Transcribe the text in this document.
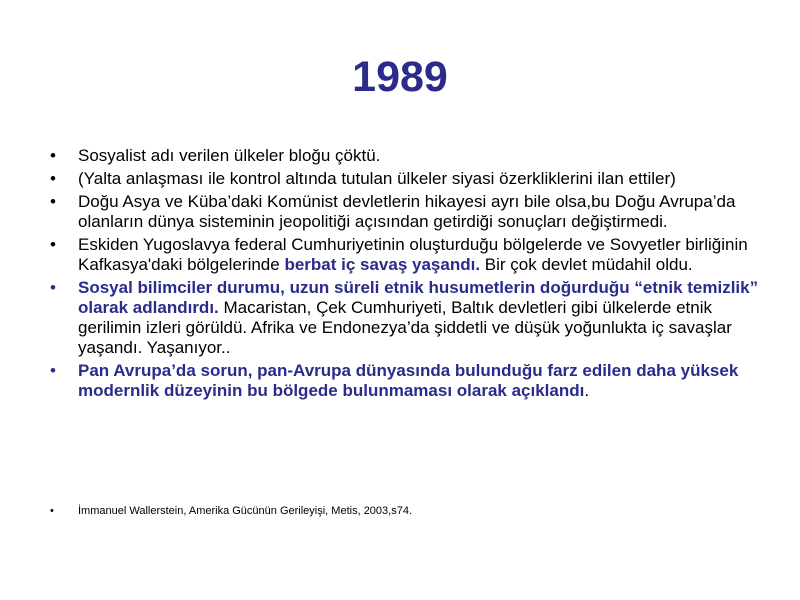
1989
• Sosyalist adı verilen ülkeler bloğu çöktü.
• (Yalta anlaşması ile kontrol altında tutulan ülkeler siyasi özerkliklerini ilan ettiler)
• Doğu Asya ve Küba’daki Komünist devletlerin hikayesi ayrı bile olsa,bu Doğu Avrupa’da olanların dünya sisteminin jeopolitiği açısından getirdiği sonuçları değiştirmedi.
• Eskiden Yugoslavya federal Cumhuriyetinin oluşturduğu bölgelerde ve Sovyetler birliğinin Kafkasya'daki bölgelerinde berbat iç savaş yaşandı. Bir çok devlet müdahil oldu.
• Sosyal bilimciler durumu, uzun süreli etnik husumetlerin doğurduğu “etnik temizlik” olarak adlandırdı. Macaristan, Çek Cumhuriyeti, Baltık devletleri gibi ülkelerde etnik gerilimin izleri görüldü. Afrika ve Endonezya’da şiddetli ve düşük yoğunlukta iç savaşlar yaşandı. Yaşanıyor..
• Pan Avrupa’da sorun, pan-Avrupa dünyasında bulunduğu farz edilen daha yüksek modernlik düzeyinin bu bölgede bulunmaması olarak açıklandı.
• İmmanuel Wallerstein, Amerika Gücünün Gerileyişi, Metis, 2003,s74.
